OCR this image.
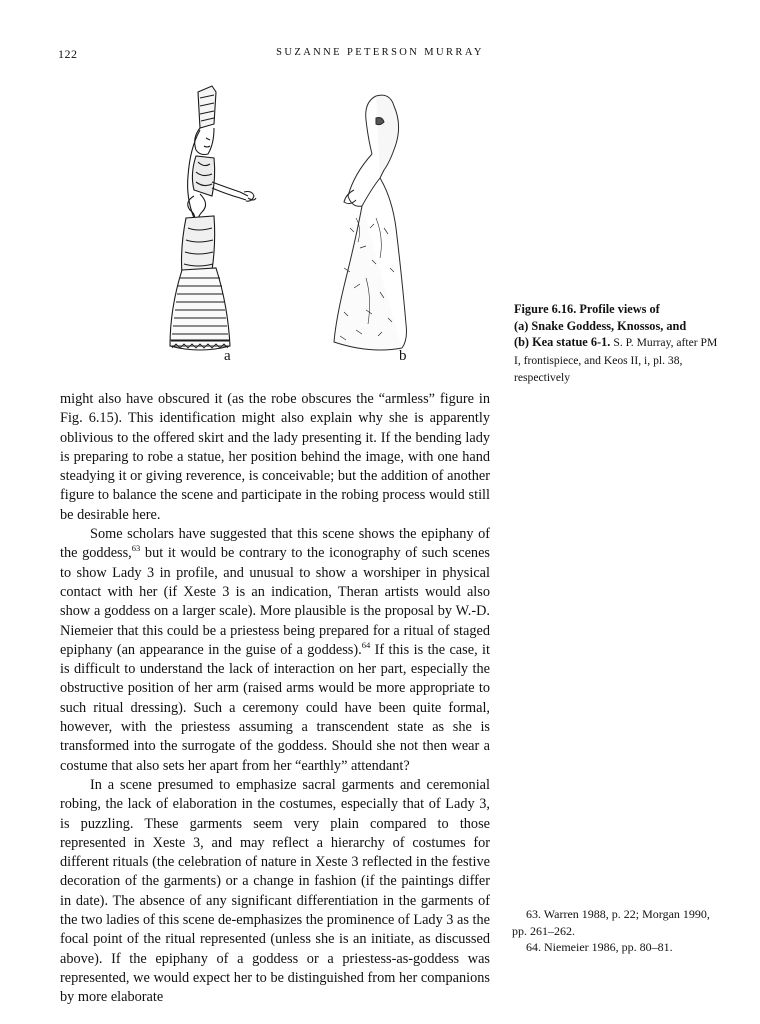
122	SUZANNE PETERSON MURRAY
a	b
Figure 6.16. Profile views of
(a) Snake Goddess, Knossos, and
(b) Kea statue 6-1. S. P. Murray, after PM I, frontispiece, and Keos II, i, pl. 38, respectively

might also have obscured it (as the robe obscures the “armless” figure in Fig. 6.15). This identification might also explain why she is apparently oblivious to the offered skirt and the lady presenting it. If the bending lady is preparing to robe a statue, her position behind the image, with one hand steadying it or giving reverence, is conceivable; but the addition of another figure to balance the scene and participate in the robing process would still be desirable here.

Some scholars have suggested that this scene shows the epiphany of the goddess,$^{63}$ but it would be contrary to the iconography of such scenes to show Lady 3 in profile, and unusual to show a worshiper in physical contact with her (if Xeste 3 is an indication, Theran artists would also show a goddess on a larger scale). More plausible is the proposal by W.-D. Niemeier that this could be a priestess being prepared for a ritual of staged epiphany (an appearance in the guise of a goddess).$^{64}$ If this is the case, it is difficult to understand the lack of interaction on her part, especially the obstructive position of her arm (raised arms would be more appropriate to such ritual dressing). Such a ceremony could have been quite formal, however, with the priestess assuming a transcendent state as she is transformed into the surrogate of the goddess. Should she not then wear a costume that also sets her apart from her “earthly” attendant?

In a scene presumed to emphasize sacral garments and ceremonial robing, the lack of elaboration in the costumes, especially that of Lady 3, is puzzling. These garments seem very plain compared to those represented in Xeste 3, and may reflect a hierarchy of costumes for different rituals (the celebration of nature in Xeste 3 reflected in the festive decoration of the garments) or a change in fashion (if the paintings differ in date). The absence of any significant differentiation in the garments of the two ladies of this scene de-emphasizes the prominence of Lady 3 as the focal point of the ritual represented (unless she is an initiate, as discussed above). If the epiphany of a goddess or a priestess-as-goddess was represented, we would expect her to be distinguished from her companions by more elaborate

63. Warren 1988, p. 22; Morgan 1990, pp. 261–262.

64. Niemeier 1986, pp. 80–81.
